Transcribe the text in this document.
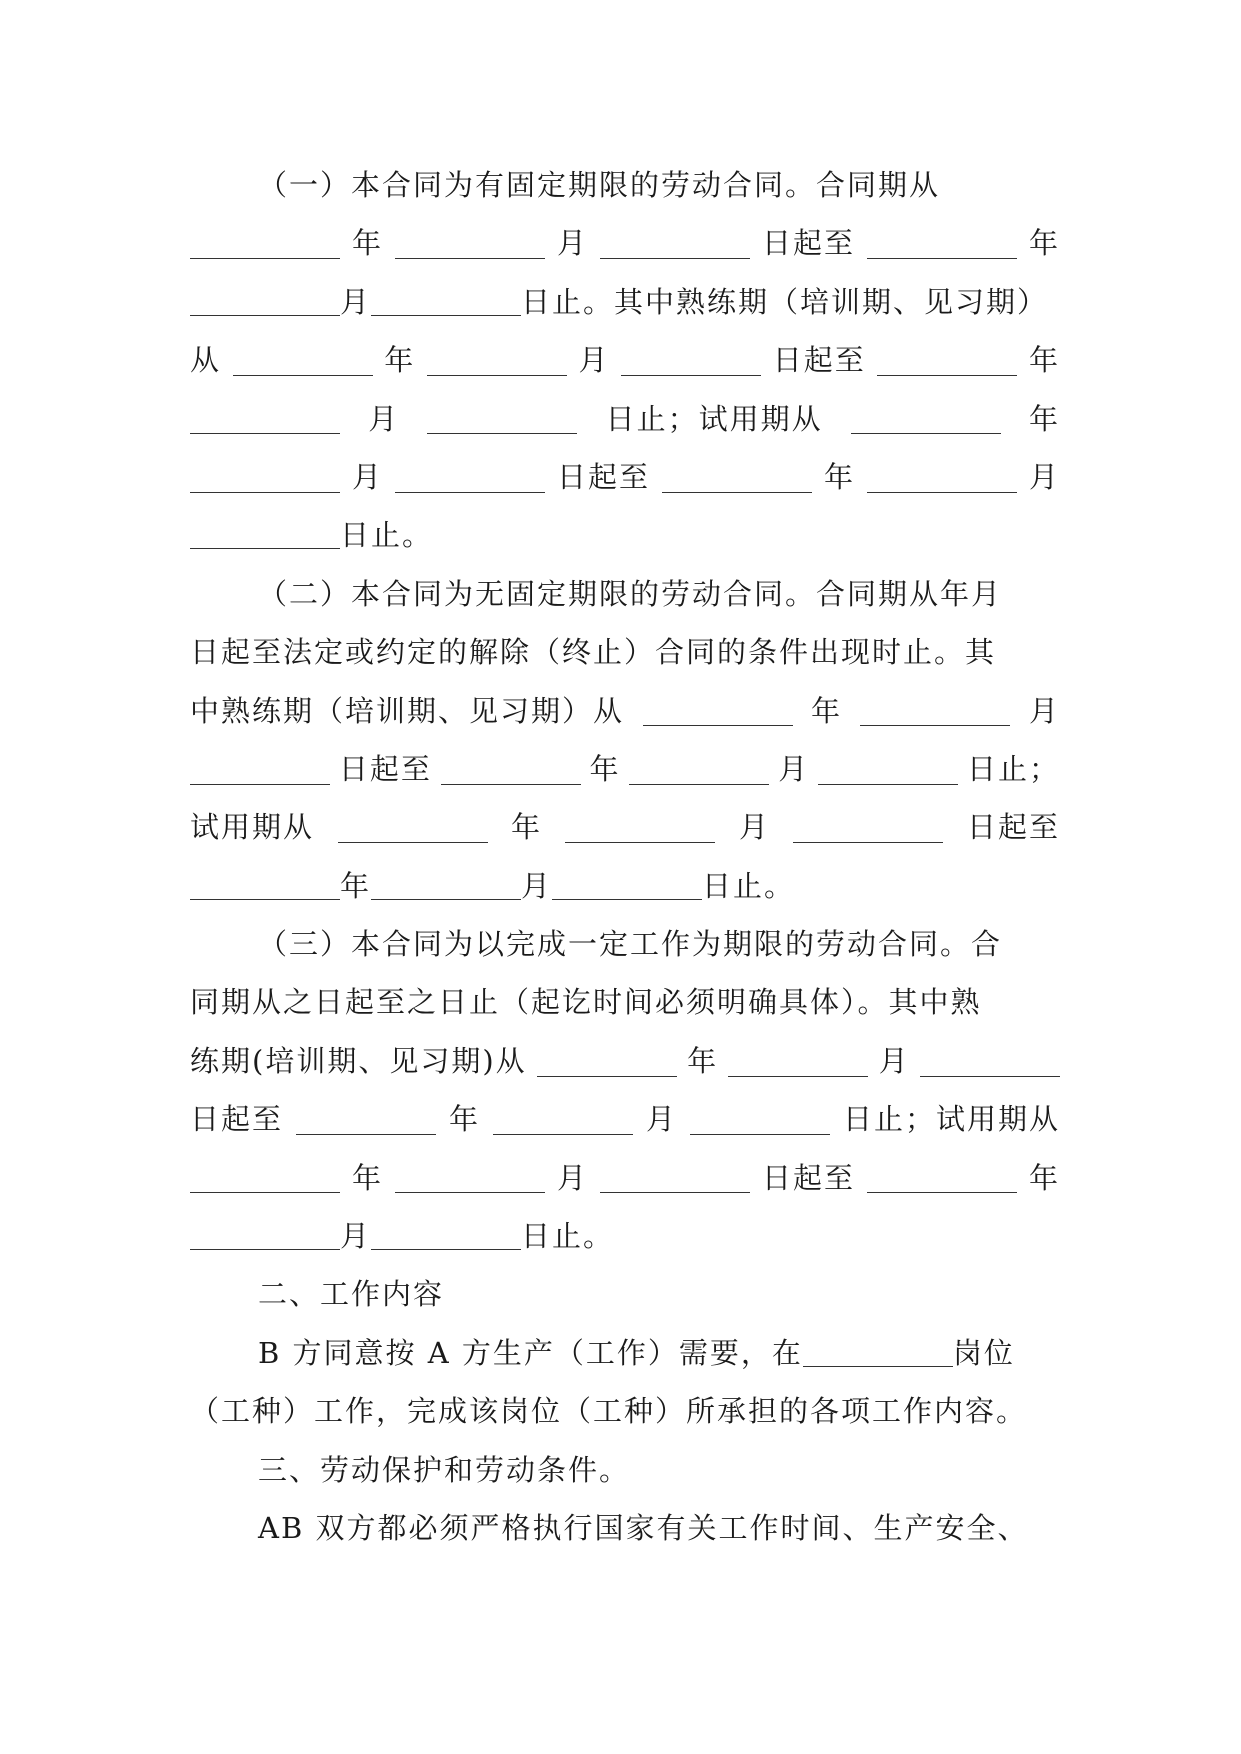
（一）本合同为有固定期限的劳动合同。合同期从
年	月	日起至	年
月	日止。其中熟练期（培训期、见习期）
从	年	月	日起至	年
月	日止；试用期从	年
月	日起至	年	月
日止。
（二）本合同为无固定期限的劳动合同。合同期从年月
日起至法定或约定的解除（终止）合同的条件出现时止。其
中熟练期（培训期、见习期）从	年	月
日起至	年	月	日止；
试用期从	年	月	日起至
年	月	日止。
（三）本合同为以完成一定工作为期限的劳动合同。合
同期从之日起至之日止（起讫时间必须明确具体）。其中熟
练期(培训期、见习期)从	年	月
日起至	年	月	日止；试用期从
年	月	日起至	年
月	日止。
二、工作内容
B 方同意按 A 方生产（工作）需要，在	岗位
（工种）工作，完成该岗位（工种）所承担的各项工作内容。
三、劳动保护和劳动条件。
AB 双方都必须严格执行国家有关工作时间、生产安全、
